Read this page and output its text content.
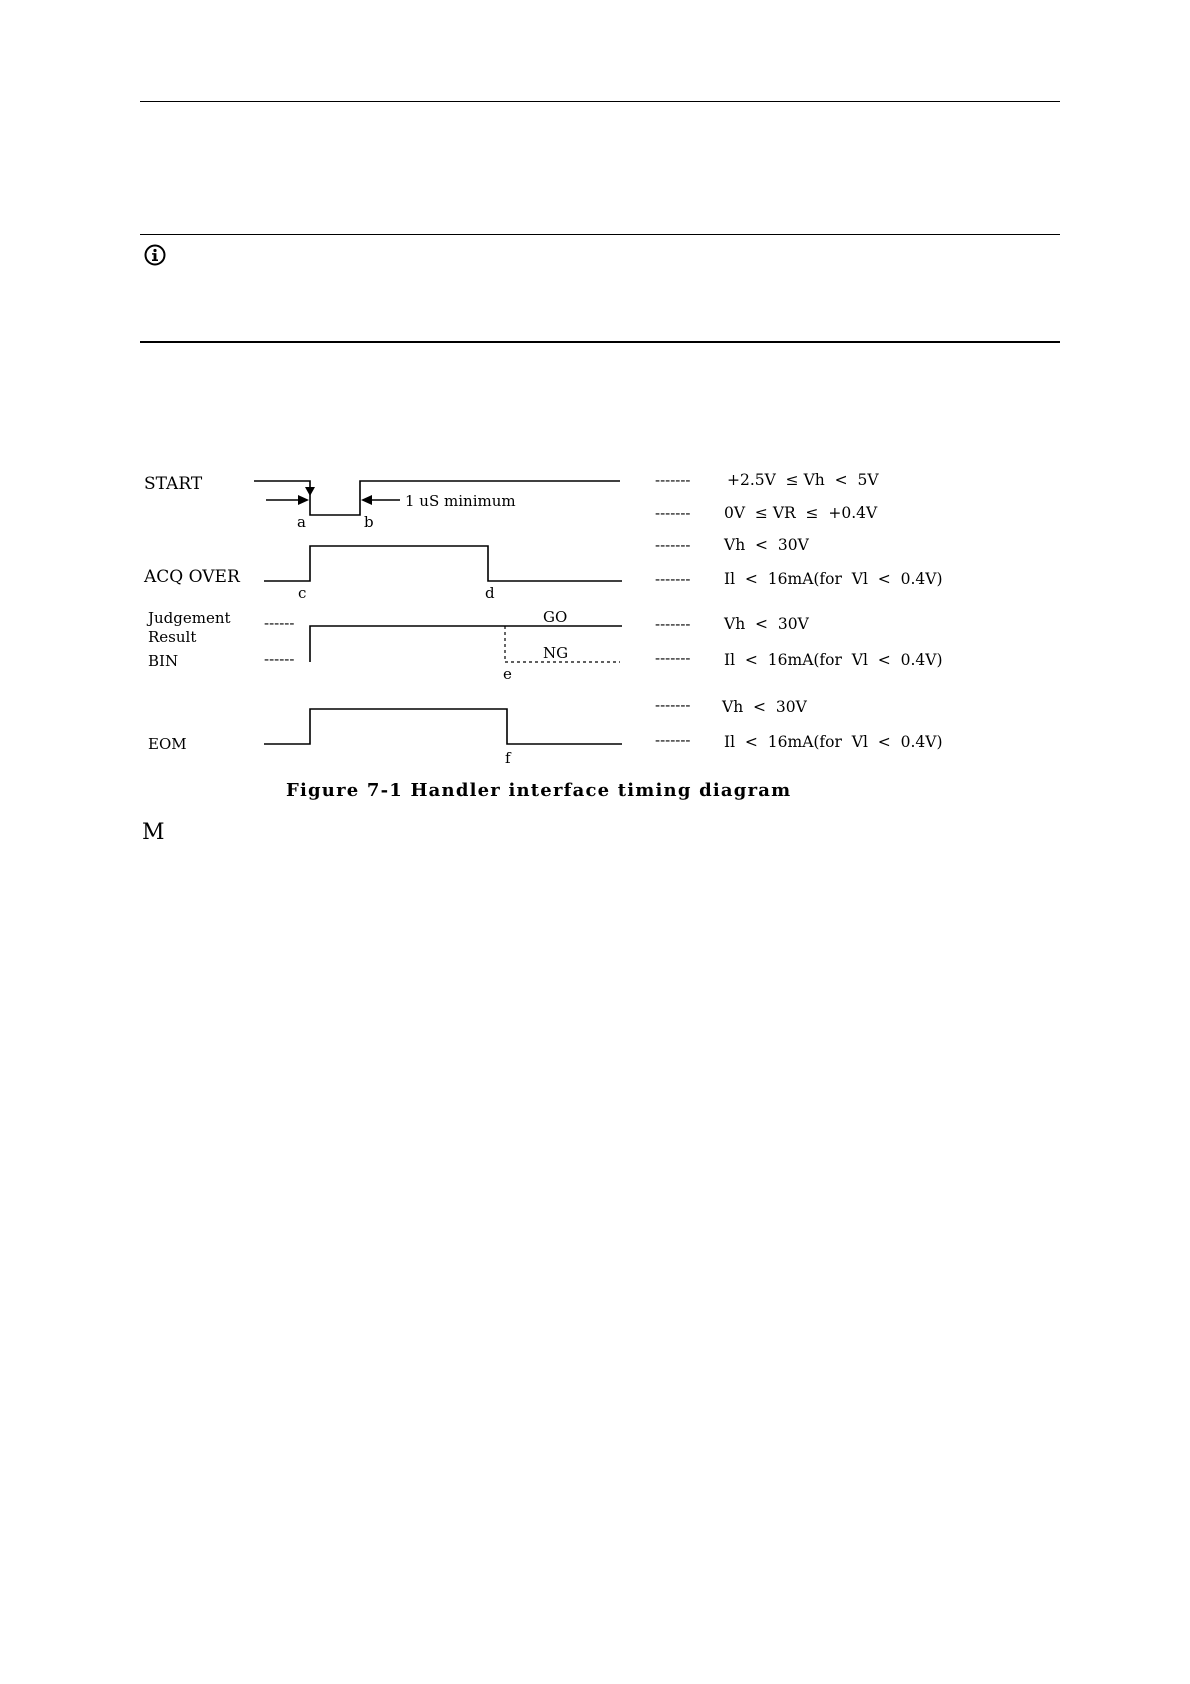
START
ACQ OVER
Judgement
Result
BIN
EOM
------
------
a	b
c	d
e
f
1 uS minimum
GO
NG
-------
-------
-------
-------
-------
-------
-------
-------
+2.5V  ≤ Vh  <  5V
0V  ≤ VR  ≤  +0.4V
Vh  <  30V
Il  <  16mA(for  Vl  <  0.4V)
Vh  <  30V
Il  <  16mA(for  Vl  <  0.4V)
Vh  <  30V
Il  <  16mA(for  Vl  <  0.4V)
Figure 7-1 Handler interface timing diagram
M
